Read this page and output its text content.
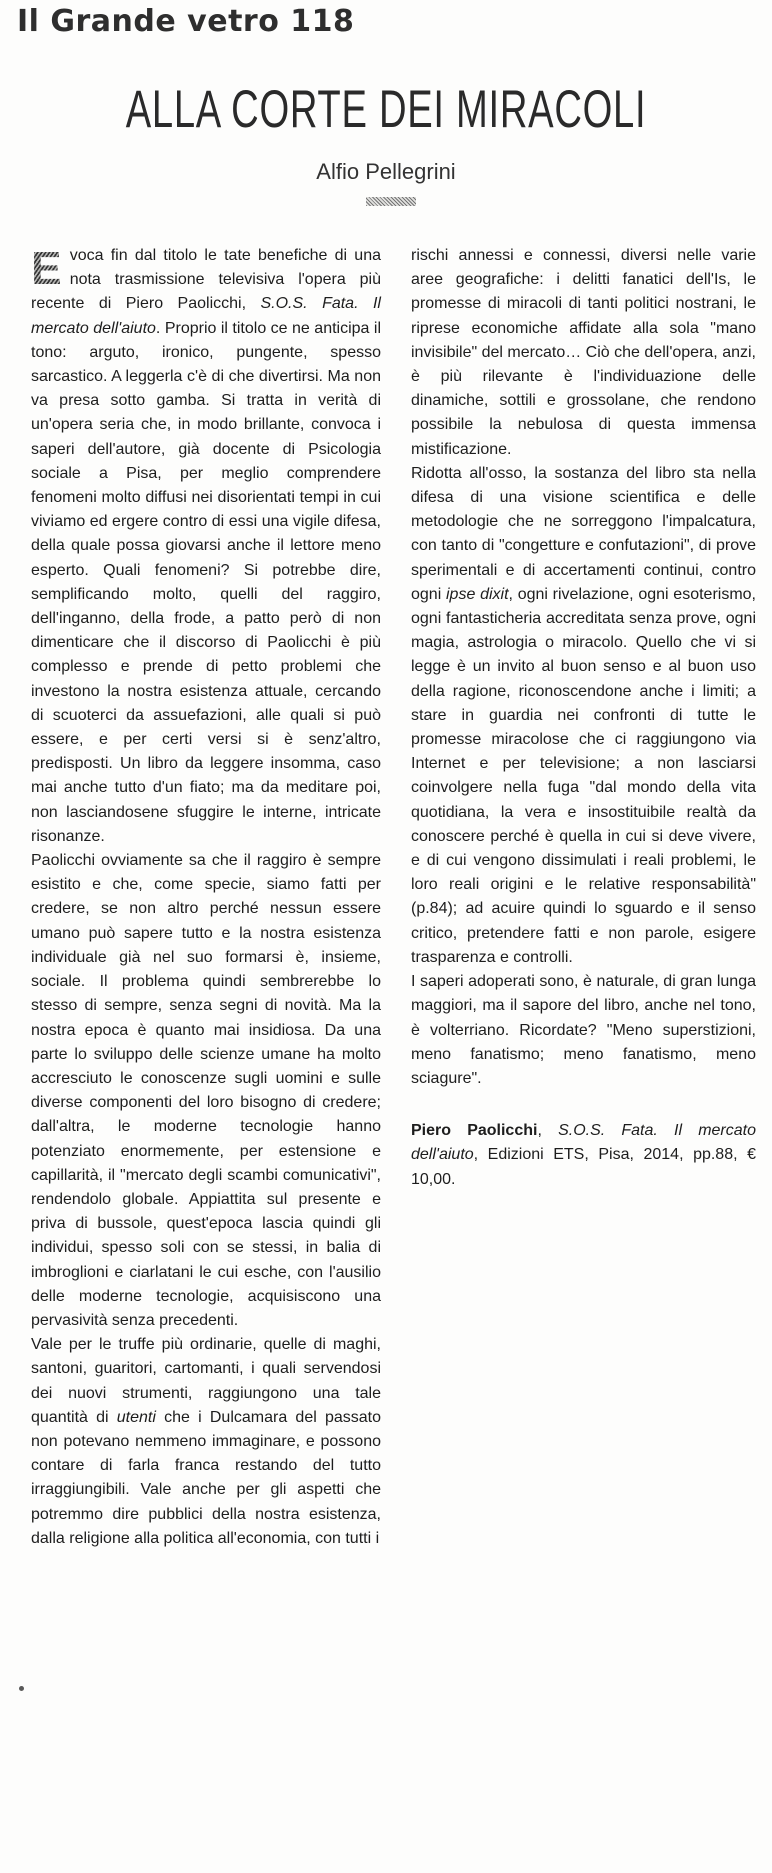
Il Grande vetro 118
ALLA CORTE DEI MIRACOLI
Alfio Pellegrini

E voca fin dal titolo le tate benefiche di una nota trasmissione televisiva l'opera più recente di Piero Paolicchi, S.O.S. Fata. Il mercato dell'aiuto. Proprio il titolo ce ne anticipa il tono: arguto, ironico, pungente, spesso sarcastico. A leggerla c'è di che divertirsi. Ma non va presa sotto gamba. Si tratta in verità di un'opera seria che, in modo brillante, convoca i saperi dell'autore, già docente di Psicologia sociale a Pisa, per meglio comprendere fenomeni molto diffusi nei disorientati tempi in cui viviamo ed ergere contro di essi una vigile difesa, della quale possa giovarsi anche il lettore meno esperto. Quali fenomeni? Si potrebbe dire, semplificando molto, quelli del raggiro, dell'inganno, della frode, a patto però di non dimenticare che il discorso di Paolicchi è più complesso e prende di petto problemi che investono la nostra esistenza attuale, cercando di scuoterci da assuefazioni, alle quali si può essere, e per certi versi si è senz'altro, predisposti. Un libro da leggere insomma, caso mai anche tutto d'un fiato; ma da meditare poi, non lasciandosene sfuggire le interne, intricate risonanze.

Paolicchi ovviamente sa che il raggiro è sempre esistito e che, come specie, siamo fatti per credere, se non altro perché nessun essere umano può sapere tutto e la nostra esistenza individuale già nel suo formarsi è, insieme, sociale. Il problema quindi sembrerebbe lo stesso di sempre, senza segni di novità. Ma la nostra epoca è quanto mai insidiosa. Da una parte lo sviluppo delle scienze umane ha molto accresciuto le conoscenze sugli uomini e sulle diverse componenti del loro bisogno di credere; dall'altra, le moderne tecnologie hanno potenziato enormemente, per estensione e capillarità, il "mercato degli scambi comunicativi", rendendolo globale. Appiattita sul presente e priva di bussole, quest'epoca lascia quindi gli individui, spesso soli con se stessi, in balia di imbroglioni e ciarlatani le cui esche, con l'ausilio delle moderne tecnologie, acquisiscono una pervasività senza precedenti.

Vale per le truffe più ordinarie, quelle di maghi, santoni, guaritori, cartomanti, i quali servendosi dei nuovi strumenti, raggiungono una tale quantità di utenti che i Dulcamara del passato non potevano nemmeno immaginare, e possono contare di farla franca restando del tutto irraggiungibili. Vale anche per gli aspetti che potremmo dire pubblici della nostra esistenza, dalla religione alla politica all'economia, con tutti i

rischi annessi e connessi, diversi nelle varie aree geografiche: i delitti fanatici dell'Is, le promesse di miracoli di tanti politici nostrani, le riprese economiche affidate alla sola "mano invisibile" del mercato… Ciò che dell'opera, anzi, è più rilevante è l'individuazione delle dinamiche, sottili e grossolane, che rendono possibile la nebulosa di questa immensa mistificazione.

Ridotta all'osso, la sostanza del libro sta nella difesa di una visione scientifica e delle metodologie che ne sorreggono l'impalcatura, con tanto di "congetture e confutazioni", di prove sperimentali e di accertamenti continui, contro ogni ipse dixit, ogni rivelazione, ogni esoterismo, ogni fantasticheria accreditata senza prove, ogni magia, astrologia o miracolo. Quello che vi si legge è un invito al buon senso e al buon uso della ragione, riconoscendone anche i limiti; a stare in guardia nei confronti di tutte le promesse miracolose che ci raggiungono via Internet e per televisione; a non lasciarsi coinvolgere nella fuga "dal mondo della vita quotidiana, la vera e insostituibile realtà da conoscere perché è quella in cui si deve vivere, e di cui vengono dissimulati i reali problemi, le loro reali origini e le relative responsabilità" (p.84); ad acuire quindi lo sguardo e il senso critico, pretendere fatti e non parole, esigere trasparenza e controlli.

I saperi adoperati sono, è naturale, di gran lunga maggiori, ma il sapore del libro, anche nel tono, è volterriano. Ricordate? "Meno superstizioni, meno fanatismo; meno fanatismo, meno sciagure".

Piero Paolicchi, S.O.S. Fata. Il mercato dell'aiuto, Edizioni ETS, Pisa, 2014, pp.88, € 10,00.
